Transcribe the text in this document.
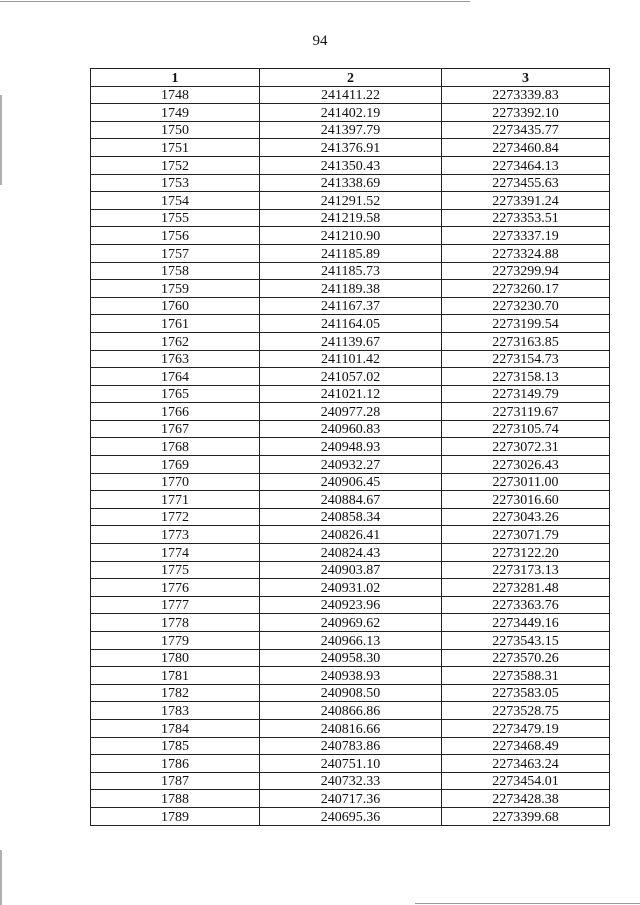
94
1	2	3
1748	241411.22	2273339.83
1749	241402.19	2273392.10
1750	241397.79	2273435.77
1751	241376.91	2273460.84
1752	241350.43	2273464.13
1753	241338.69	2273455.63
1754	241291.52	2273391.24
1755	241219.58	2273353.51
1756	241210.90	2273337.19
1757	241185.89	2273324.88
1758	241185.73	2273299.94
1759	241189.38	2273260.17
1760	241167.37	2273230.70
1761	241164.05	2273199.54
1762	241139.67	2273163.85
1763	241101.42	2273154.73
1764	241057.02	2273158.13
1765	241021.12	2273149.79
1766	240977.28	2273119.67
1767	240960.83	2273105.74
1768	240948.93	2273072.31
1769	240932.27	2273026.43
1770	240906.45	2273011.00
1771	240884.67	2273016.60
1772	240858.34	2273043.26
1773	240826.41	2273071.79
1774	240824.43	2273122.20
1775	240903.87	2273173.13
1776	240931.02	2273281.48
1777	240923.96	2273363.76
1778	240969.62	2273449.16
1779	240966.13	2273543.15
1780	240958.30	2273570.26
1781	240938.93	2273588.31
1782	240908.50	2273583.05
1783	240866.86	2273528.75
1784	240816.66	2273479.19
1785	240783.86	2273468.49
1786	240751.10	2273463.24
1787	240732.33	2273454.01
1788	240717.36	2273428.38
1789	240695.36	2273399.68
